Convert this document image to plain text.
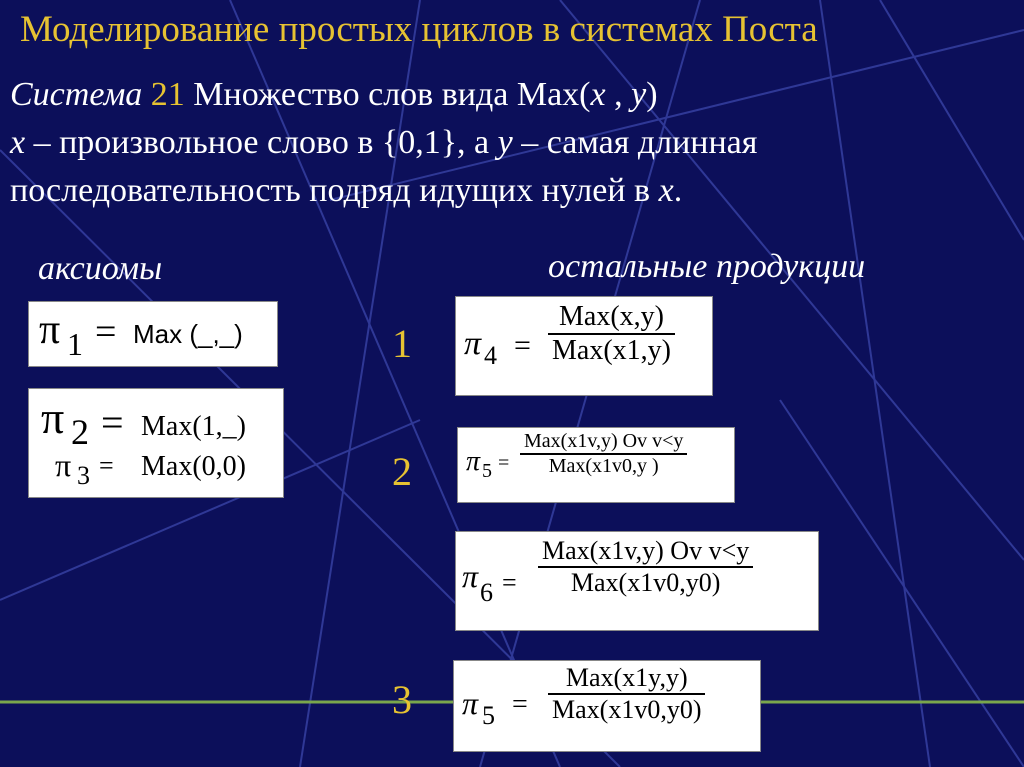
Моделирование простых циклов в системах Поста
Система 21 Множество слов вида Max(x , y)
x – произвольное слово в {0,1}, а y – самая длинная
последовательность подряд идущих нулей в x.
аксиомы	остальные продукции
π 1 = Max (_,_)
π 2 = Max(1,_)
π 3 = Max(0,0)
1
2
3
π 4 =
Max(x,y)
Max(x1,y)
π 5 =
Max(x1v,y) Ov v<y
Max(x1v0,y )
π 6 =
Max(x1v,y) Ov v<y
Max(x1v0,y0)
π 5 =
Max(x1y,y)
Max(x1v0,y0)
